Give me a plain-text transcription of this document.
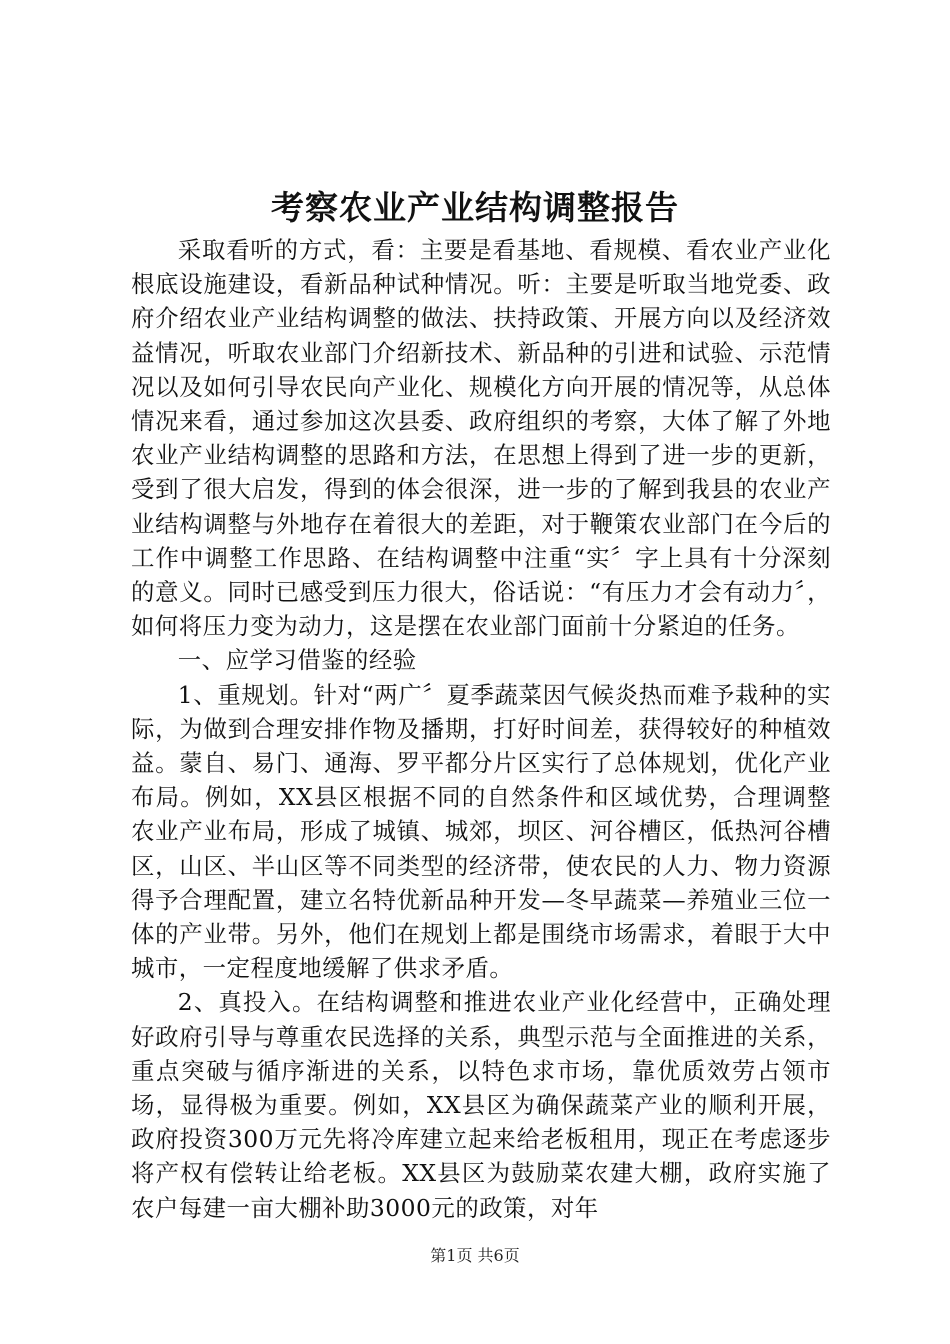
考察农业产业结构调整报告

采取看听的方式，看：主要是看基地、看规模、看农业产业化根底设施建设，看新品种试种情况。听：主要是听取当地党委、政府介绍农业产业结构调整的做法、扶持政策、开展方向以及经济效益情况，听取农业部门介绍新技术、新品种的引进和试验、示范情况以及如何引导农民向产业化、规模化方向开展的情况等，从总体情况来看，通过参加这次县委、政府组织的考察，大体了解了外地农业产业结构调整的思路和方法，在思想上得到了进一步的更新，受到了很大启发，得到的体会很深，进一步的了解到我县的农业产业结构调整与外地存在着很大的差距，对于鞭策农业部门在今后的工作中调整工作思路、在结构调整中注重“实〞字上具有十分深刻的意义。同时已感受到压力很大，俗话说：“有压力才会有动力〞，如何将压力变为动力，这是摆在农业部门面前十分紧迫的任务。

一、应学习借鉴的经验

1、重规划。针对“两广〞夏季蔬菜因气候炎热而难予栽种的实际，为做到合理安排作物及播期，打好时间差，获得较好的种植效益。蒙自、易门、通海、罗平都分片区实行了总体规划，优化产业布局。例如，XX县区根据不同的自然条件和区域优势，合理调整农业产业布局，形成了城镇、城郊，坝区、河谷槽区，低热河谷槽区，山区、半山区等不同类型的经济带，使农民的人力、物力资源得予合理配置，建立名特优新品种开发—冬早蔬菜—养殖业三位一体的产业带。另外，他们在规划上都是围绕市场需求，着眼于大中城市，一定程度地缓解了供求矛盾。

2、真投入。在结构调整和推进农业产业化经营中，正确处理好政府引导与尊重农民选择的关系，典型示范与全面推进的关系，重点突破与循序渐进的关系，以特色求市场，靠优质效劳占领市场，显得极为重要。例如，XX县区为确保蔬菜产业的顺利开展，政府投资300万元先将冷库建立起来给老板租用，现正在考虑逐步将产权有偿转让给老板。XX县区为鼓励菜农建大棚，政府实施了农户每建一亩大棚补助3000元的政策，对年

第1页 共6页
